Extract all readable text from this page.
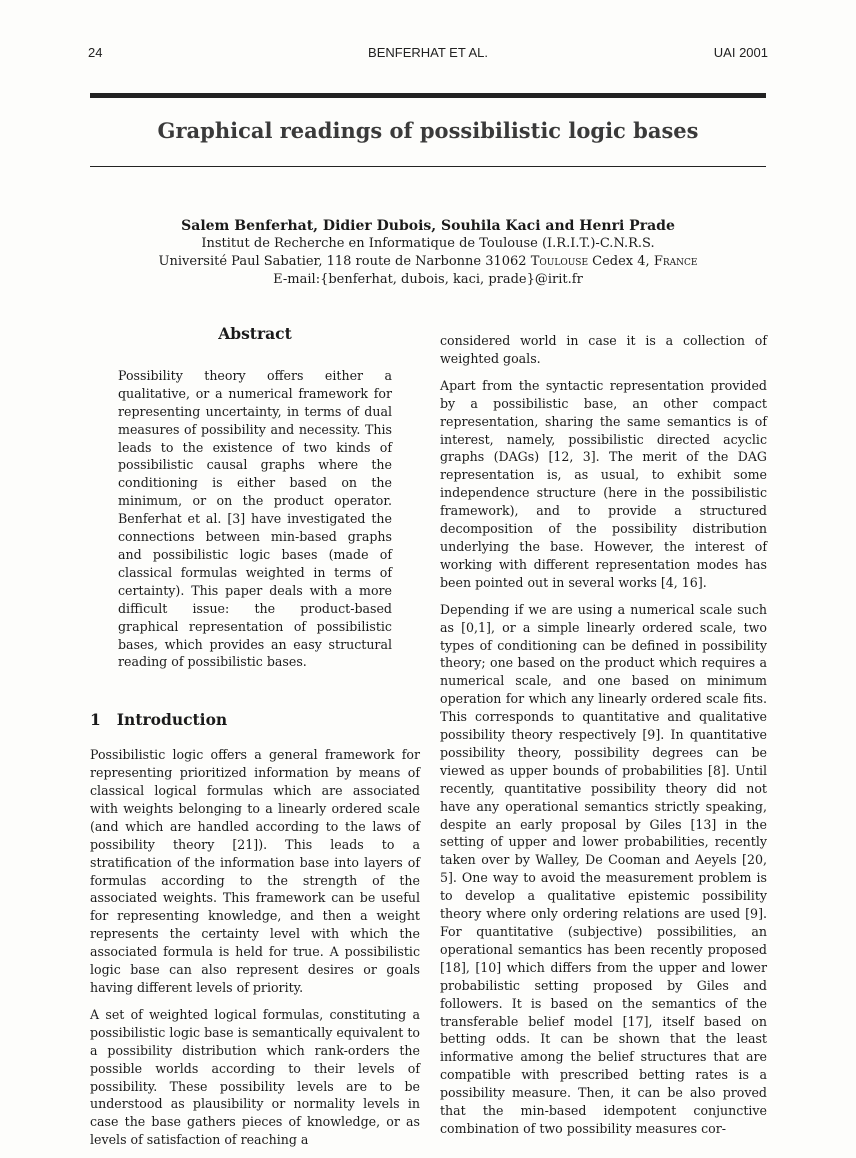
24	BENFERHAT ET AL.	UAI 2001
Graphical readings of possibilistic logic bases
Salem Benferhat, Didier Dubois, Souhila Kaci and Henri Prade
Institut de Recherche en Informatique de Toulouse (I.R.I.T.)-C.N.R.S.
Université Paul Sabatier, 118 route de Narbonne 31062 Toulouse Cedex 4, France
E-mail:{benferhat, dubois, kaci, prade}@irit.fr
Abstract
Possibility theory offers either a qualitative, or a numerical framework for representing uncertainty, in terms of dual measures of possibility and necessity. This leads to the existence of two kinds of possibilistic causal graphs where the conditioning is either based on the minimum, or on the product operator. Benferhat et al. [3] have investigated the connections between min-based graphs and possibilistic logic bases (made of classical formulas weighted in terms of certainty). This paper deals with a more difficult issue: the product-based graphical representation of possibilistic bases, which provides an easy structural reading of possibilistic bases.
1 Introduction

Possibilistic logic offers a general framework for representing prioritized information by means of classical logical formulas which are associated with weights belonging to a linearly ordered scale (and which are handled according to the laws of possibility theory [21]). This leads to a stratification of the information base into layers of formulas according to the strength of the associated weights. This framework can be useful for representing knowledge, and then a weight represents the certainty level with which the associated formula is held for true. A possibilistic logic base can also represent desires or goals having different levels of priority.

A set of weighted logical formulas, constituting a possibilistic logic base is semantically equivalent to a possibility distribution which rank-orders the possible worlds according to their levels of possibility. These possibility levels are to be understood as plausibility or normality levels in case the base gathers pieces of knowledge, or as levels of satisfaction of reaching a

considered world in case it is a collection of weighted goals.

Apart from the syntactic representation provided by a possibilistic base, an other compact representation, sharing the same semantics is of interest, namely, possibilistic directed acyclic graphs (DAGs) [12, 3]. The merit of the DAG representation is, as usual, to exhibit some independence structure (here in the possibilistic framework), and to provide a structured decomposition of the possibility distribution underlying the base. However, the interest of working with different representation modes has been pointed out in several works [4, 16].

Depending if we are using a numerical scale such as [0,1], or a simple linearly ordered scale, two types of conditioning can be defined in possibility theory; one based on the product which requires a numerical scale, and one based on minimum operation for which any linearly ordered scale fits. This corresponds to quantitative and qualitative possibility theory respectively [9]. In quantitative possibility theory, possibility degrees can be viewed as upper bounds of probabilities [8]. Until recently, quantitative possibility theory did not have any operational semantics strictly speaking, despite an early proposal by Giles [13] in the setting of upper and lower probabilities, recently taken over by Walley, De Cooman and Aeyels [20, 5]. One way to avoid the measurement problem is to develop a qualitative epistemic possibility theory where only ordering relations are used [9]. For quantitative (subjective) possibilities, an operational semantics has been recently proposed [18], [10] which differs from the upper and lower probabilistic setting proposed by Giles and followers. It is based on the semantics of the transferable belief model [17], itself based on betting odds. It can be shown that the least informative among the belief structures that are compatible with prescribed betting rates is a possibility measure. Then, it can be also proved that the min-based idempotent conjunctive combination of two possibility measures cor-
